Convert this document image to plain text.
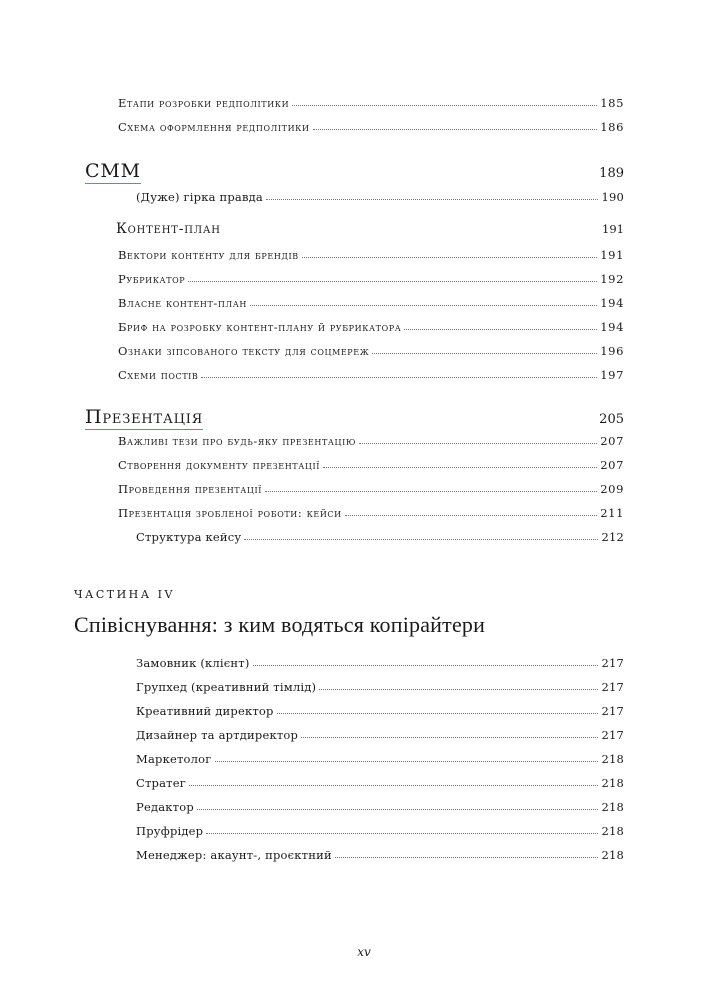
Етапи розробки редполітики	185
Схема оформлення редполітики	186
СММ	189
(Дуже) гірка правда	190
Контент-план	191
Вектори контенту для брендів	191
Рубрикатор	192
Власне контент-план	194
Бриф на розробку контент-плану й рубрикатора	194
Ознаки зіпсованого тексту для соцмереж	196
Схеми постів	197
Презентація	205
Важливі тези про будь-яку презентацію	207
Створення документу презентації	207
Проведення презентації	209
Презентація зробленої роботи: кейси	211
Структура кейсу	212
ЧАСТИНА IV
Співіснування: з ким водяться копірайтери
Замовник (клієнт)	217
Групхед (креативний тімлід)	217
Креативний директор	217
Дизайнер та артдиректор	217
Маркетолог	218
Стратег	218
Редактор	218
Пруфрідер	218
Менеджер: акаунт-, проєктний	218
xv
